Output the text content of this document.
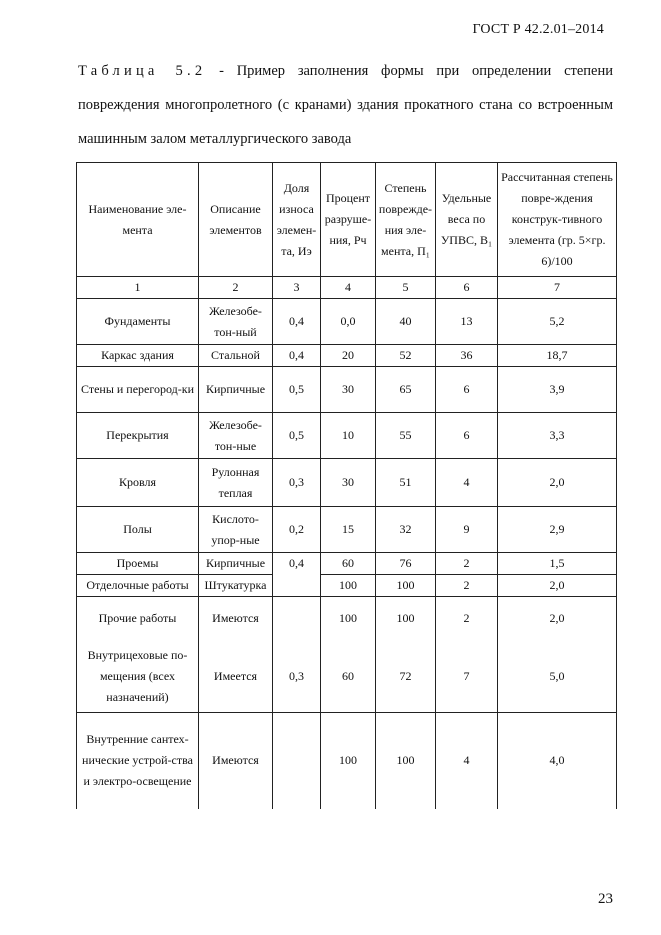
ГОСТ Р 42.2.01–2014
Таблица 5.2 - Пример заполнения формы при определении степени повреждения многопролетного (с кранами) здания прокатного стана со встроенным машинным залом металлургического завода
Наименование эле-мента	Описание элементов	Доля износа элемен-та, Иэ	Процент разруше-ния, Рч	Степень поврежде-ния эле-мента, П₁	Удельные веса по УПВС, В₁	Рассчитанная степень повре-ждения конструк-тивного элемента (гр. 5×гр. 6)/100
1	2	3	4	5	6	7
Фундаменты	Железобе-тон-ный	0,4	0,0	40	13	5,2
Каркас здания	Стальной	0,4	20	52	36	18,7
Стены и перегород-ки	Кирпичные	0,5	30	65	6	3,9
Перекрытия	Железобе-тон-ные	0,5	10	55	6	3,3
Кровля	Рулонная теплая	0,3	30	51	4	2,0
Полы	Кислото-упор-ные	0,2	15	32	9	2,9
Проемы	Кирпичные	0,4	60	76	2	1,5
Отделочные работы	Штукатурка		100	100	2	2,0
Прочие работы	Имеются		100	100	2	2,0
Внутрицеховые по-мещения (всех назначений)	Имеется	0,3	60	72	7	5,0
Внутренние сантех-нические устрой-ства и электро-освещение	Имеются		100	100	4	4,0
23
